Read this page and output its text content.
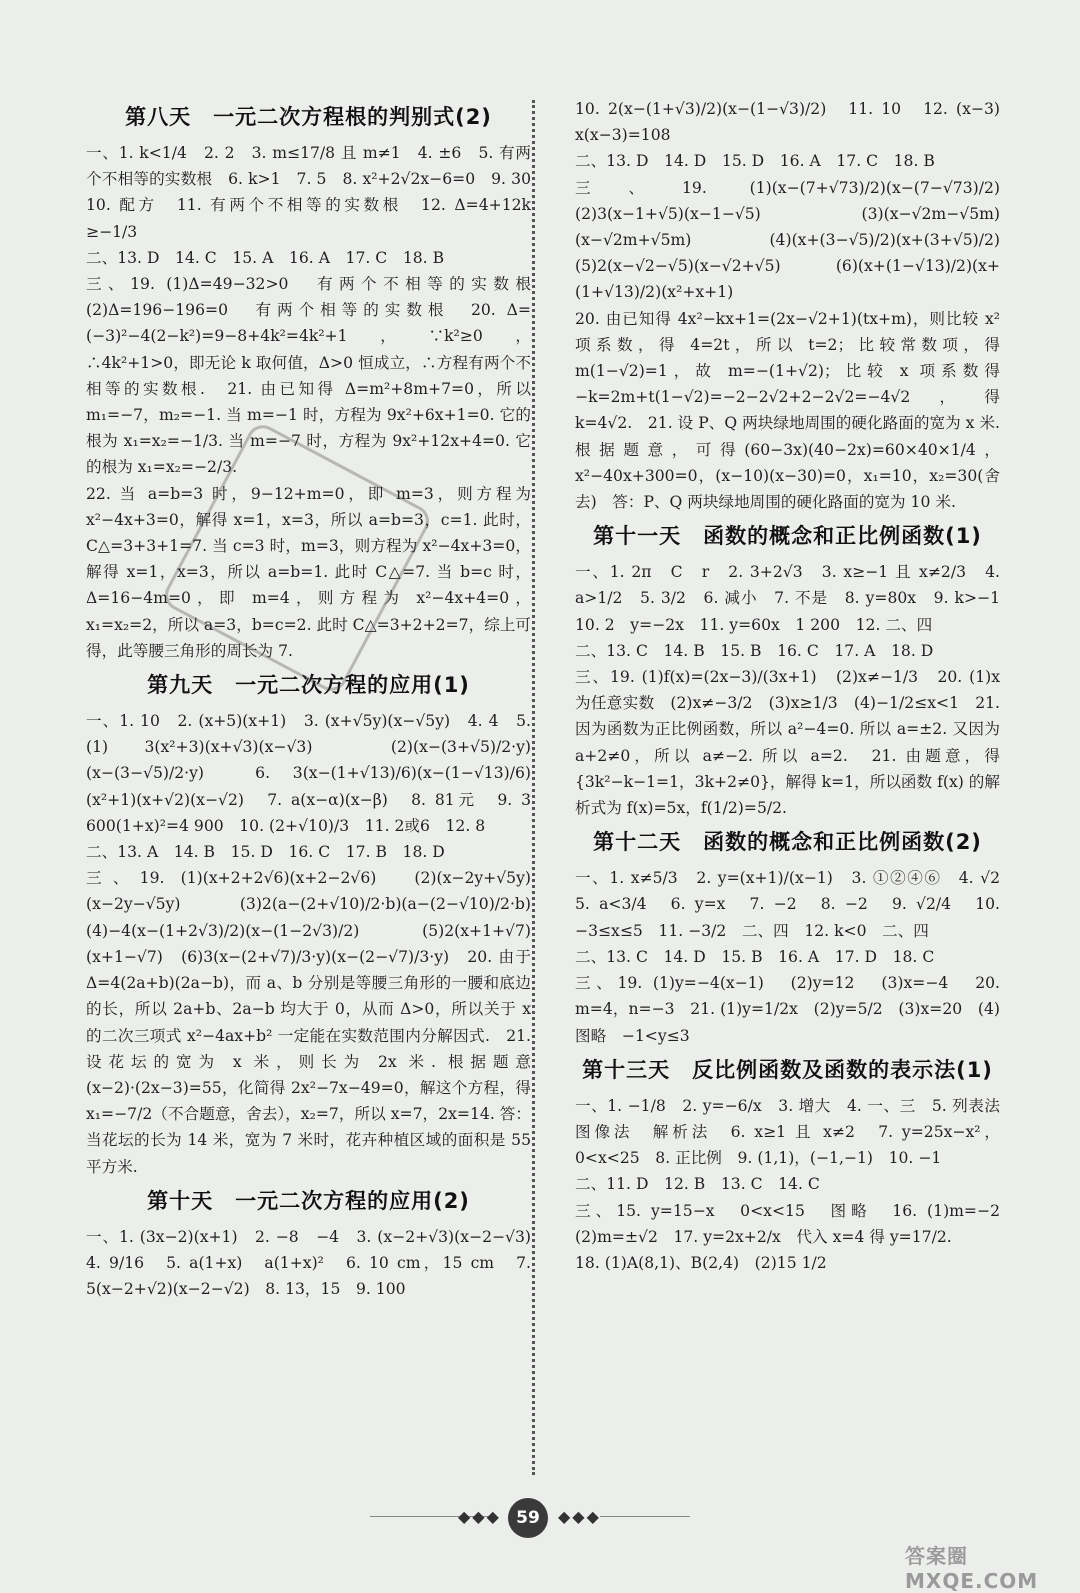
第八天　一元二次方程根的判别式(2)

一、1. k<1/4　2. 2　3. m≤17/8 且 m≠1　4. ±6　5. 有两个不相等的实数根　6. k>1　7. 5　8. x²+2√2x−6=0　9. 30　10. 配方　11. 有两个不相等的实数根　12. Δ=4+12k　≥−1/3

二、13. D　14. C　15. A　16. A　17. C　18. B

三、19. (1)Δ=49−32>0　有两个不相等的实数根　(2)Δ=196−196=0　有两个相等的实数根　20. Δ=(−3)²−4(2−k²)=9−8+4k²=4k²+1，∵k²≥0，∴4k²+1>0，即无论 k 取何值，Δ>0 恒成立，∴方程有两个不相等的实数根.　21. 由已知得 Δ=m²+8m+7=0，所以 m₁=−7，m₂=−1. 当 m=−1 时，方程为 9x²+6x+1=0. 它的根为 x₁=x₂=−1/3. 当 m=−7 时，方程为 9x²+12x+4=0. 它的根为 x₁=x₂=−2/3.

22. 当 a=b=3 时，9−12+m=0，即 m=3，则方程为 x²−4x+3=0，解得 x=1，x=3，所以 a=b=3，c=1. 此时，C△=3+3+1=7. 当 c=3 时，m=3，则方程为 x²−4x+3=0，解得 x=1，x=3，所以 a=b=1. 此时 C△=7. 当 b=c 时，Δ=16−4m=0，即 m=4，则方程为 x²−4x+4=0，x₁=x₂=2，所以 a=3，b=c=2. 此时 C△=3+2+2=7，综上可得，此等腰三角形的周长为 7.

第九天　一元二次方程的应用(1)

一、1. 10　2. (x+5)(x+1)　3. (x+√5y)(x−√5y)　4. 4　5. (1) 3(x²+3)(x+√3)(x−√3)　(2)(x−(3+√5)/2·y)(x−(3−√5)/2·y)　6. 3(x−(1+√13)/6)(x−(1−√13)/6)　(x²+1)(x+√2)(x−√2)　7. a(x−α)(x−β)　8. 81元　9. 3 600(1+x)²=4 900　10. (2+√10)/3　11. 2或6　12. 8

二、13. A　14. B　15. D　16. C　17. B　18. D

三、19. (1)(x+2+2√6)(x+2−2√6)　(2)(x−2y+√5y)(x−2y−√5y)　(3)2(a−(2+√10)/2·b)(a−(2−√10)/2·b)　(4)−4(x−(1+2√3)/2)(x−(1−2√3)/2)　(5)2(x+1+√7)(x+1−√7)　(6)3(x−(2+√7)/3·y)(x−(2−√7)/3·y)　20. 由于 Δ=4(2a+b)(2a−b)，而 a、b 分别是等腰三角形的一腰和底边的长，所以 2a+b、2a−b 均大于 0，从而 Δ>0，所以关于 x 的二次三项式 x²−4ax+b² 一定能在实数范围内分解因式.　21. 设花坛的宽为 x 米，则长为 2x 米. 根据题意(x−2)·(2x−3)=55，化简得 2x²−7x−49=0，解这个方程，得 x₁=−7/2（不合题意，舍去），x₂=7，所以 x=7，2x=14. 答：当花坛的长为 14 米，宽为 7 米时，花卉种植区域的面积是 55 平方米.

第十天　一元二次方程的应用(2)

一、1. (3x−2)(x+1)　2. −8　−4　3. (x−2+√3)(x−2−√3)　4. 9/16　5. a(1+x)　a(1+x)²　6. 10 cm，15 cm　7. 5(x−2+√2)(x−2−√2)　8. 13，15　9. 100

10. 2(x−(1+√3)/2)(x−(1−√3)/2)　11. 10　12. (x−3)　x(x−3)=108

二、13. D　14. D　15. D　16. A　17. C　18. B

三、19. (1)(x−(7+√73)/2)(x−(7−√73)/2)　(2)3(x−1+√5)(x−1−√5)　(3)(x−√2m−√5m)(x−√2m+√5m)　(4)(x+(3−√5)/2)(x+(3+√5)/2)　(5)2(x−√2−√5)(x−√2+√5)　(6)(x+(1−√13)/2)(x+(1+√13)/2)(x²+x+1)

20. 由已知得 4x²−kx+1=(2x−√2+1)(tx+m)，则比较 x² 项系数，得 4=2t，所以 t=2；比较常数项，得 m(1−√2)=1，故 m=−(1+√2)；比较 x 项系数得 −k=2m+t(1−√2)=−2−2√2+2−2√2=−4√2，得 k=4√2.　21. 设 P、Q 两块绿地周围的硬化路面的宽为 x 米. 根据题意，可得(60−3x)(40−2x)=60×40×1/4，x²−40x+300=0，(x−10)(x−30)=0，x₁=10，x₂=30(舍去)　答：P、Q 两块绿地周围的硬化路面的宽为 10 米.

第十一天　函数的概念和正比例函数(1)

一、1. 2π　C　r　2. 3+2√3　3. x≥−1 且 x≠2/3　4. a>1/2　5. 3/2　6. 减小　7. 不是　8. y=80x　9. k>−1　10. 2　y=−2x　11. y=60x　1 200　12. 二、四

二、13. C　14. B　15. B　16. C　17. A　18. D

三、19. (1)f(x)=(2x−3)/(3x+1)　(2)x≠−1/3　20. (1)x 为任意实数　(2)x≠−3/2　(3)x≥1/3　(4)−1/2≤x<1　21. 因为函数为正比例函数，所以 a²−4=0. 所以 a=±2. 又因为 a+2≠0，所以 a≠−2. 所以 a=2.　21. 由题意，得 {3k²−k−1=1，3k+2≠0}，解得 k=1，所以函数 f(x) 的解析式为 f(x)=5x，f(1/2)=5/2.

第十二天　函数的概念和正比例函数(2)

一、1. x≠5/3　2. y=(x+1)/(x−1)　3. ①②④⑥　4. √2　5. a<3/4　6. y=x　7. −2　8. −2　9. √2/4　10. −3≤x≤5　11. −3/2　二、四　12. k<0　二、四

二、13. C　14. D　15. B　16. A　17. D　18. C

三、19. (1)y=−4(x−1)　(2)y=12　(3)x=−4　20. m=4，n=−3　21. (1)y=1/2x　(2)y=5/2　(3)x=20　(4)图略　−1<y≤3

第十三天　反比例函数及函数的表示法(1)

一、1. −1/8　2. y=−6/x　3. 增大　4. 一、三　5. 列表法　图像法　解析法　6. x≥1 且 x≠2　7. y=25x−x²，0<x<25　8. 正比例　9. (1,1)，(−1,−1)　10. −1

二、11. D　12. B　13. C　14. C

三、15. y=15−x　0<x<15　图略　16. (1)m=−2　(2)m=±√2　17. y=2x+2/x　代入 x=4 得 y=17/2.

18. (1)A(8,1)、B(2,4)　(2)15 1/2

◆◆◆ 59	◆◆◆
答案圈 MXQE.COM
